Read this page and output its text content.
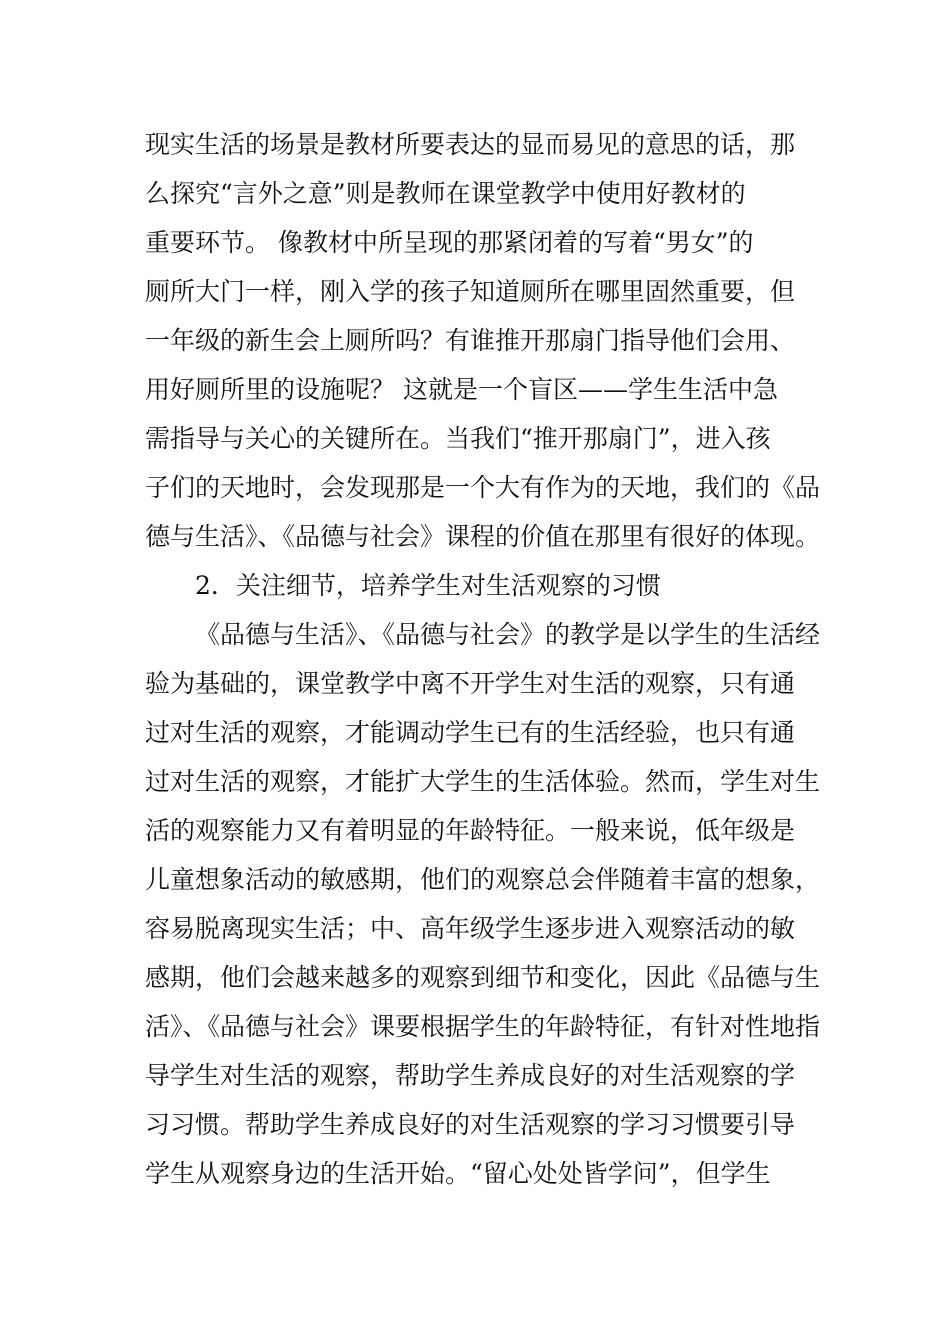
现实生活的场景是教材所要表达的显而易见的意思的话，那
么探究“言外之意”则是教师在课堂教学中使用好教材的
重要环节。 像教材中所呈现的那紧闭着的写着“男女”的
厕所大门一样，刚入学的孩子知道厕所在哪里固然重要，但
一年级的新生会上厕所吗？有谁推开那扇门指导他们会用、
用好厕所里的设施呢？ 这就是一个盲区——学生生活中急
需指导与关心的关键所在。当我们“推开那扇门”，进入孩
子们的天地时，会发现那是一个大有作为的天地，我们的《品
德与生活》、《品德与社会》课程的价值在那里有很好的体现。
2．关注细节，培养学生对生活观察的习惯
《品德与生活》、《品德与社会》的教学是以学生的生活经
验为基础的，课堂教学中离不开学生对生活的观察，只有通
过对生活的观察，才能调动学生已有的生活经验，也只有通
过对生活的观察，才能扩大学生的生活体验。然而，学生对生
活的观察能力又有着明显的年龄特征。一般来说，低年级是
儿童想象活动的敏感期，他们的观察总会伴随着丰富的想象，
容易脱离现实生活；中、高年级学生逐步进入观察活动的敏
感期，他们会越来越多的观察到细节和变化，因此《品德与生
活》、《品德与社会》课要根据学生的年龄特征，有针对性地指
导学生对生活的观察，帮助学生养成良好的对生活观察的学
习习惯。帮助学生养成良好的对生活观察的学习习惯要引导
学生从观察身边的生活开始。“留心处处皆学问”，但学生
